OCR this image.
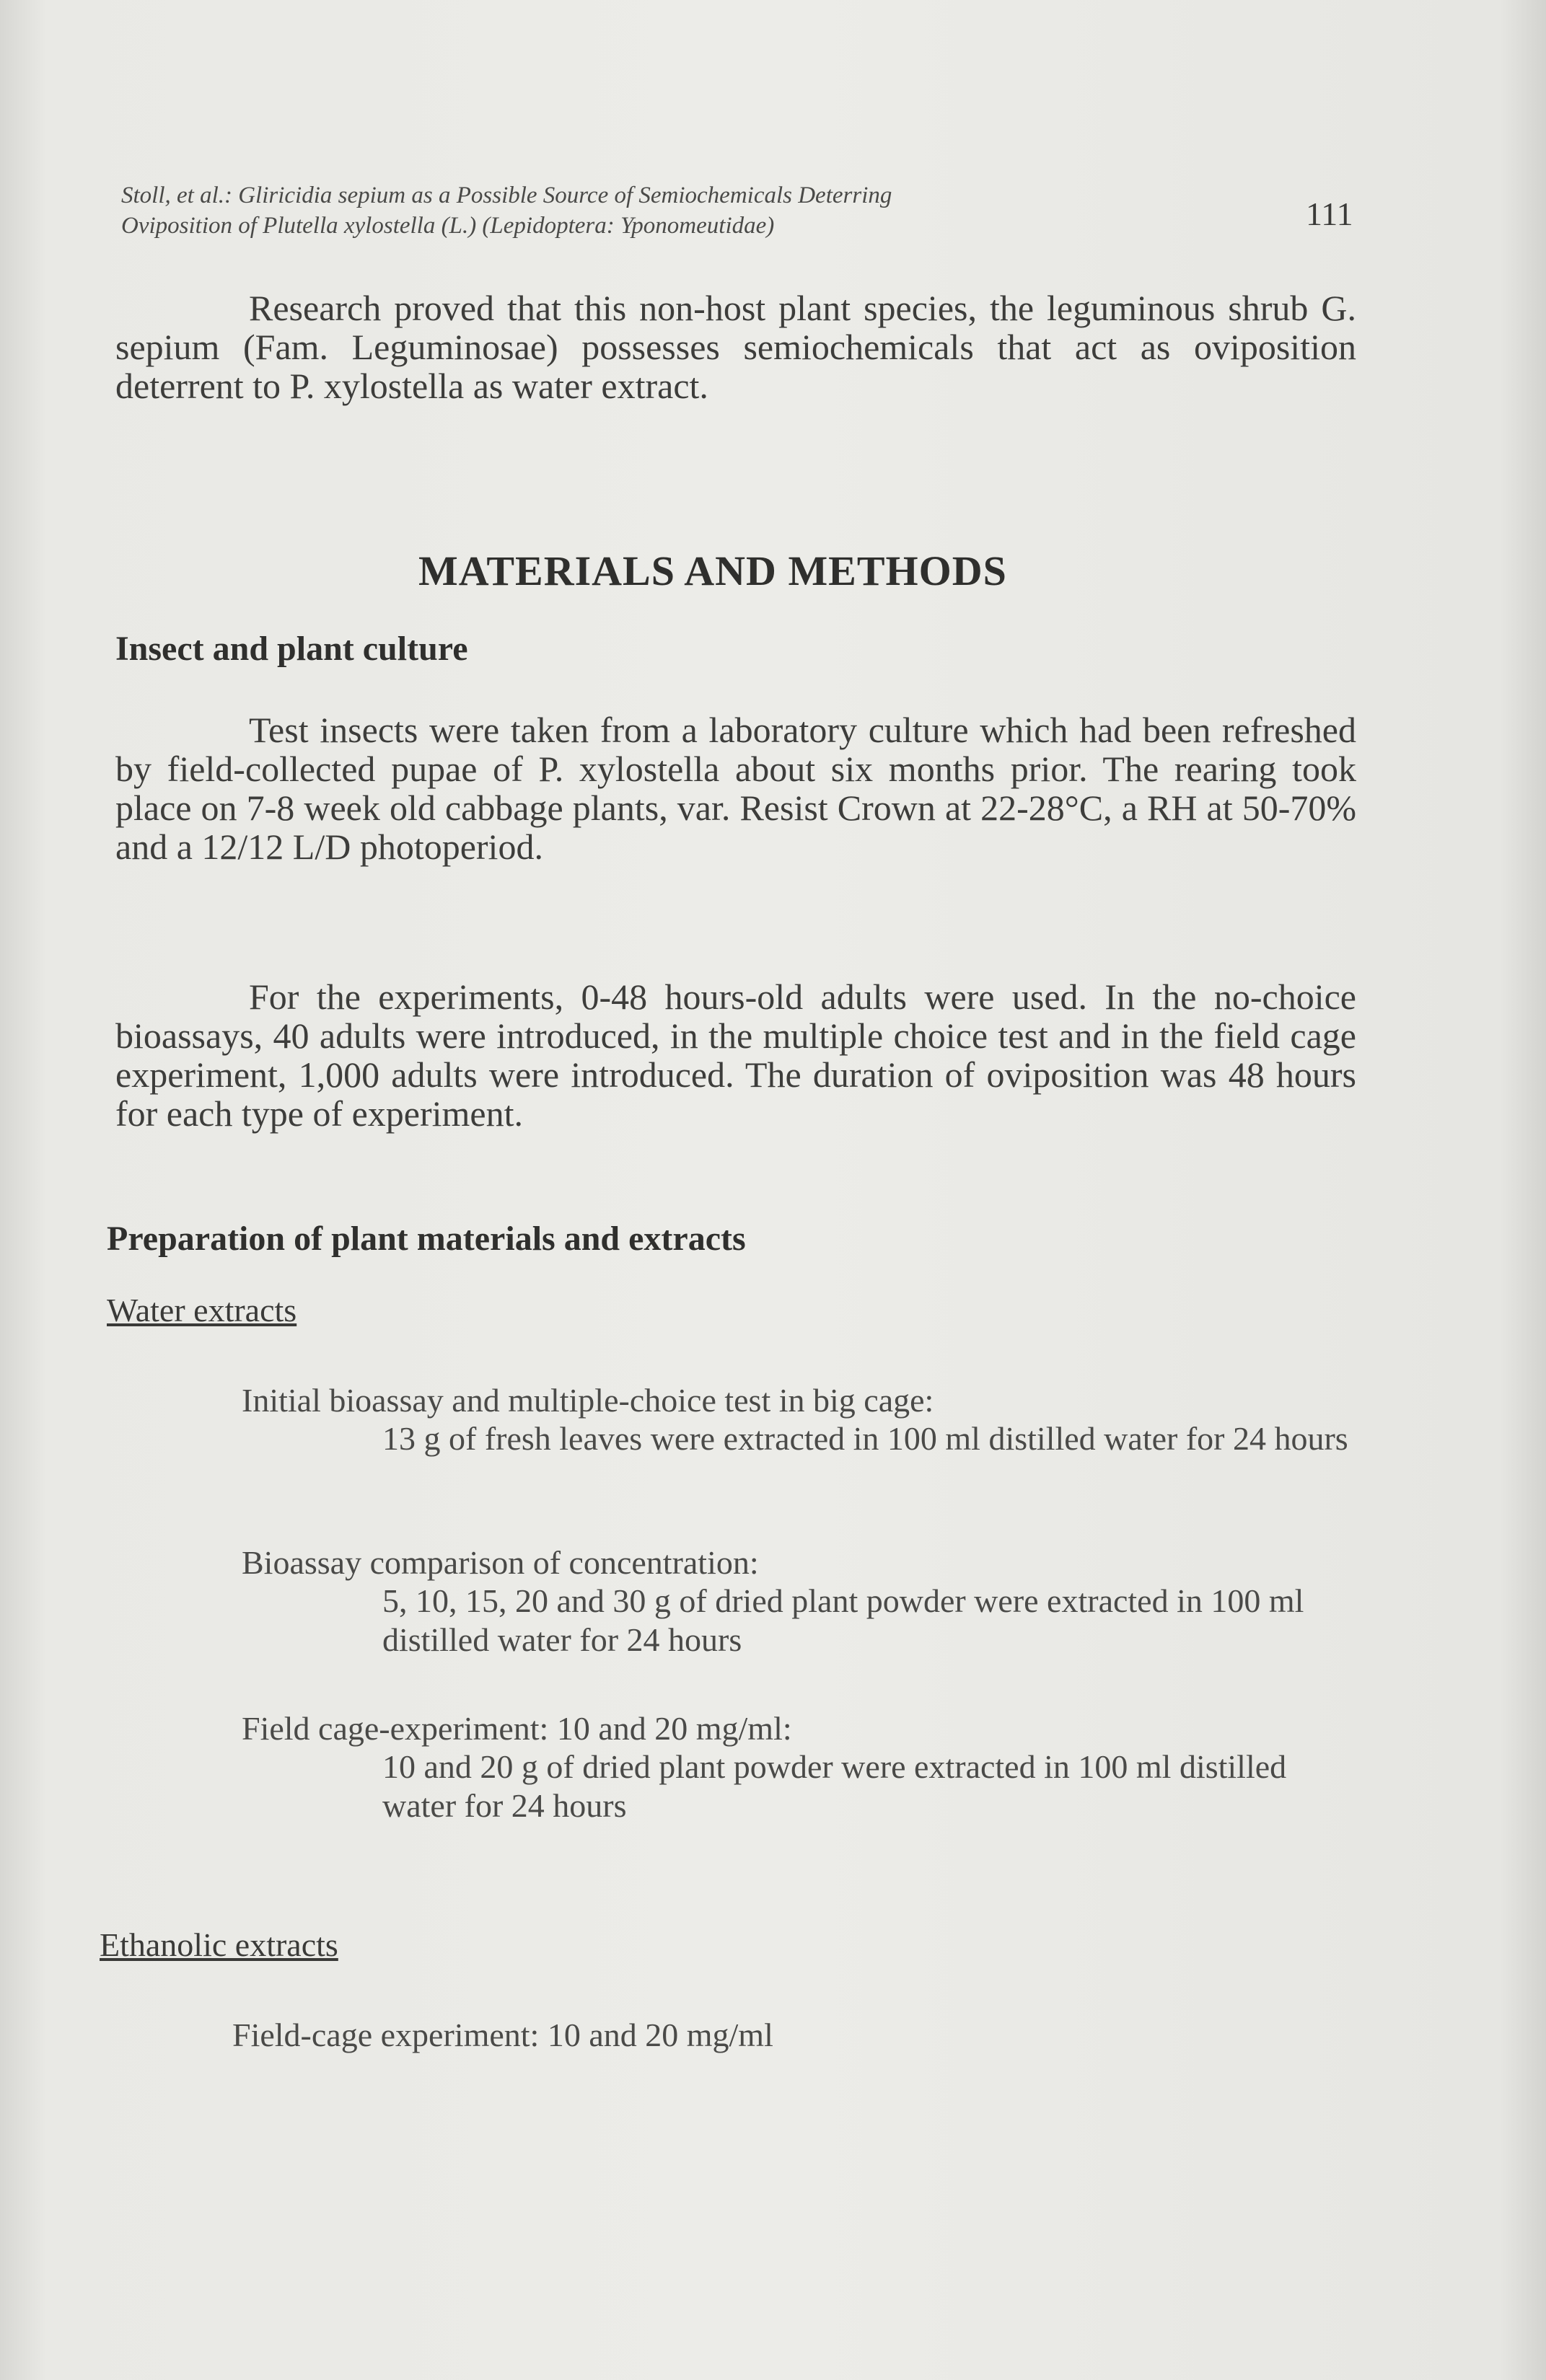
Stoll, et al.: Gliricidia sepium as a Possible Source of Semiochemicals Deterring
Oviposition of Plutella xylostella (L.) (Lepidoptera: Yponomeutidae)	111

Research proved that this non-host plant species, the leguminous shrub G. sepium (Fam. Leguminosae) possesses semiochemicals that act as oviposition deterrent to P. xylostella as water extract.

MATERIALS AND METHODS
Insect and plant culture

Test insects were taken from a laboratory culture which had been refreshed by field-collected pupae of P. xylostella about six months prior. The rearing took place on 7-8 week old cabbage plants, var. Resist Crown at 22-28°C, a RH at 50-70% and a 12/12 L/D photoperiod.

For the experiments, 0-48 hours-old adults were used. In the no-choice bioassays, 40 adults were introduced, in the multiple choice test and in the field cage experiment, 1,000 adults were introduced. The duration of oviposition was 48 hours for each type of experiment.

Preparation of plant materials and extracts
Water extracts
Initial bioassay and multiple-choice test in big cage:
13 g of fresh leaves were extracted in 100 ml distilled water for 24 hours
Bioassay comparison of concentration:
5, 10, 15, 20 and 30 g of dried plant powder were extracted in 100 ml distilled water for 24 hours
Field cage-experiment: 10 and 20 mg/ml:
10 and 20 g of dried plant powder were extracted in 100 ml distilled water for 24 hours
Ethanolic extracts
Field-cage experiment: 10 and 20 mg/ml
